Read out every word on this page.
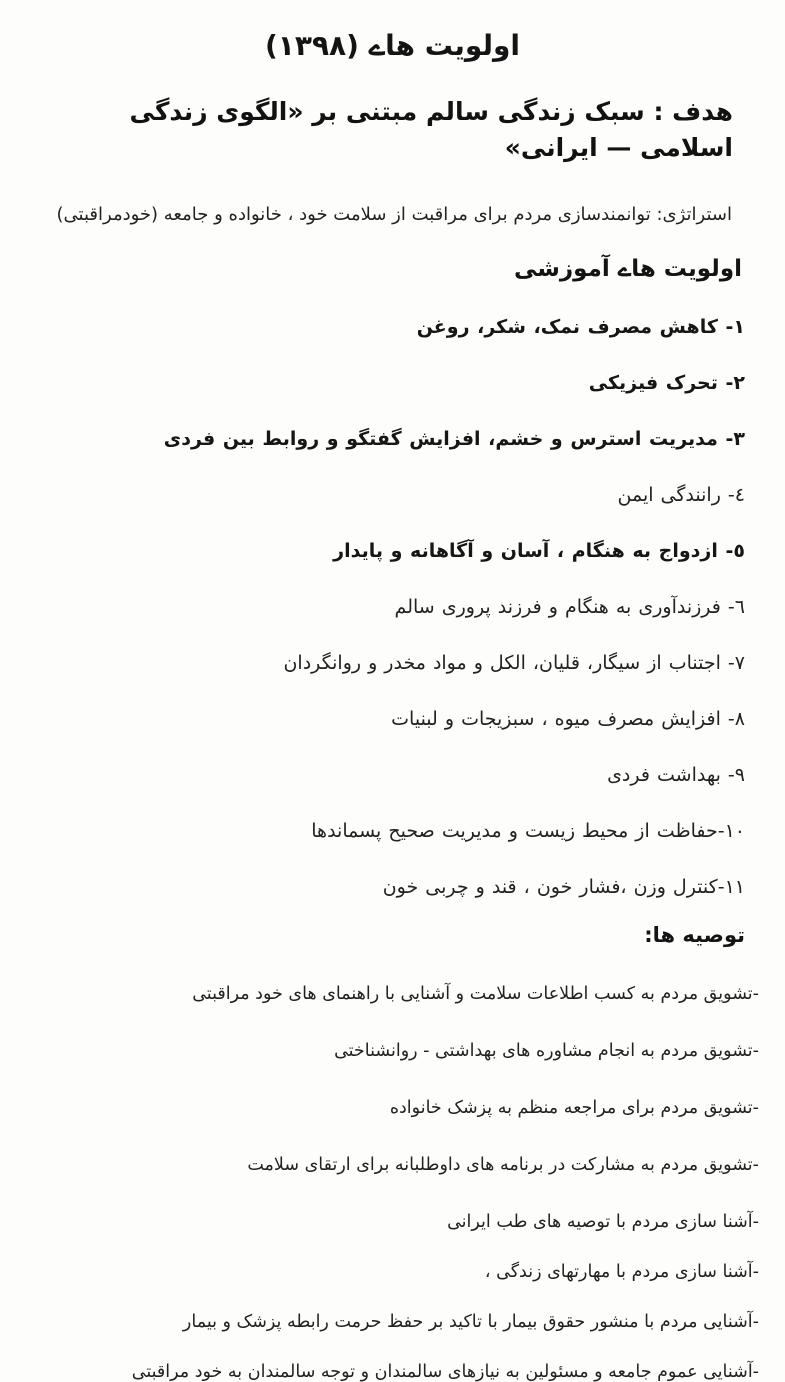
اولویت هاے (۱۳۹۸)
هدف : سبک زندگی سالم مبتنی بر «الگوی زندگی اسلامی — ایرانی»
استراتژی: توانمندسازی مردم برای مراقبت از سلامت خود ، خانواده و جامعه (خودمراقبتی)
اولویت هاے آموزشی
۱- کاهش مصرف نمک، شکر، روغن
۲- تحرک فیزیکی
۳- مدیریت استرس و خشم، افزایش گفتگو و روابط بین فردی
٤- رانندگی ایمن
٥- ازدواج به هنگام ، آسان و آگاهانه و پایدار
٦- فرزندآوری به هنگام و فرزند پروری سالم
٧- اجتناب از سیگار، قلیان، الکل و مواد مخدر و روانگردان
٨- افزایش مصرف میوه ، سبزیجات و لبنیات
٩- بهداشت فردی
۱۰-حفاظت از محیط زیست و مدیریت صحیح پسماندها
۱۱-کنترل وزن ،فشار خون ، قند و چربی خون
توصیه ها:
-تشویق مردم به کسب اطلاعات سلامت و آشنایی با راهنمای های خود مراقبتی
-تشویق مردم به انجام مشاوره های بهداشتی - روانشناختی
-تشویق مردم برای مراجعه منظم به پزشک خانواده
-تشویق مردم به مشارکت در برنامه های داوطلبانه برای ارتقای سلامت
-آشنا سازی مردم با توصیه های طب ایرانی
-آشنا سازی مردم با مهارتهای زندگی ،
-آشنایی مردم با منشور حقوق بیمار با تاکید بر حفظ حرمت رابطه پزشک و بیمار
-آشنایی عموم جامعه و مسئولین به نیازهای سالمندان و توجه سالمندان به خود مراقبتی
